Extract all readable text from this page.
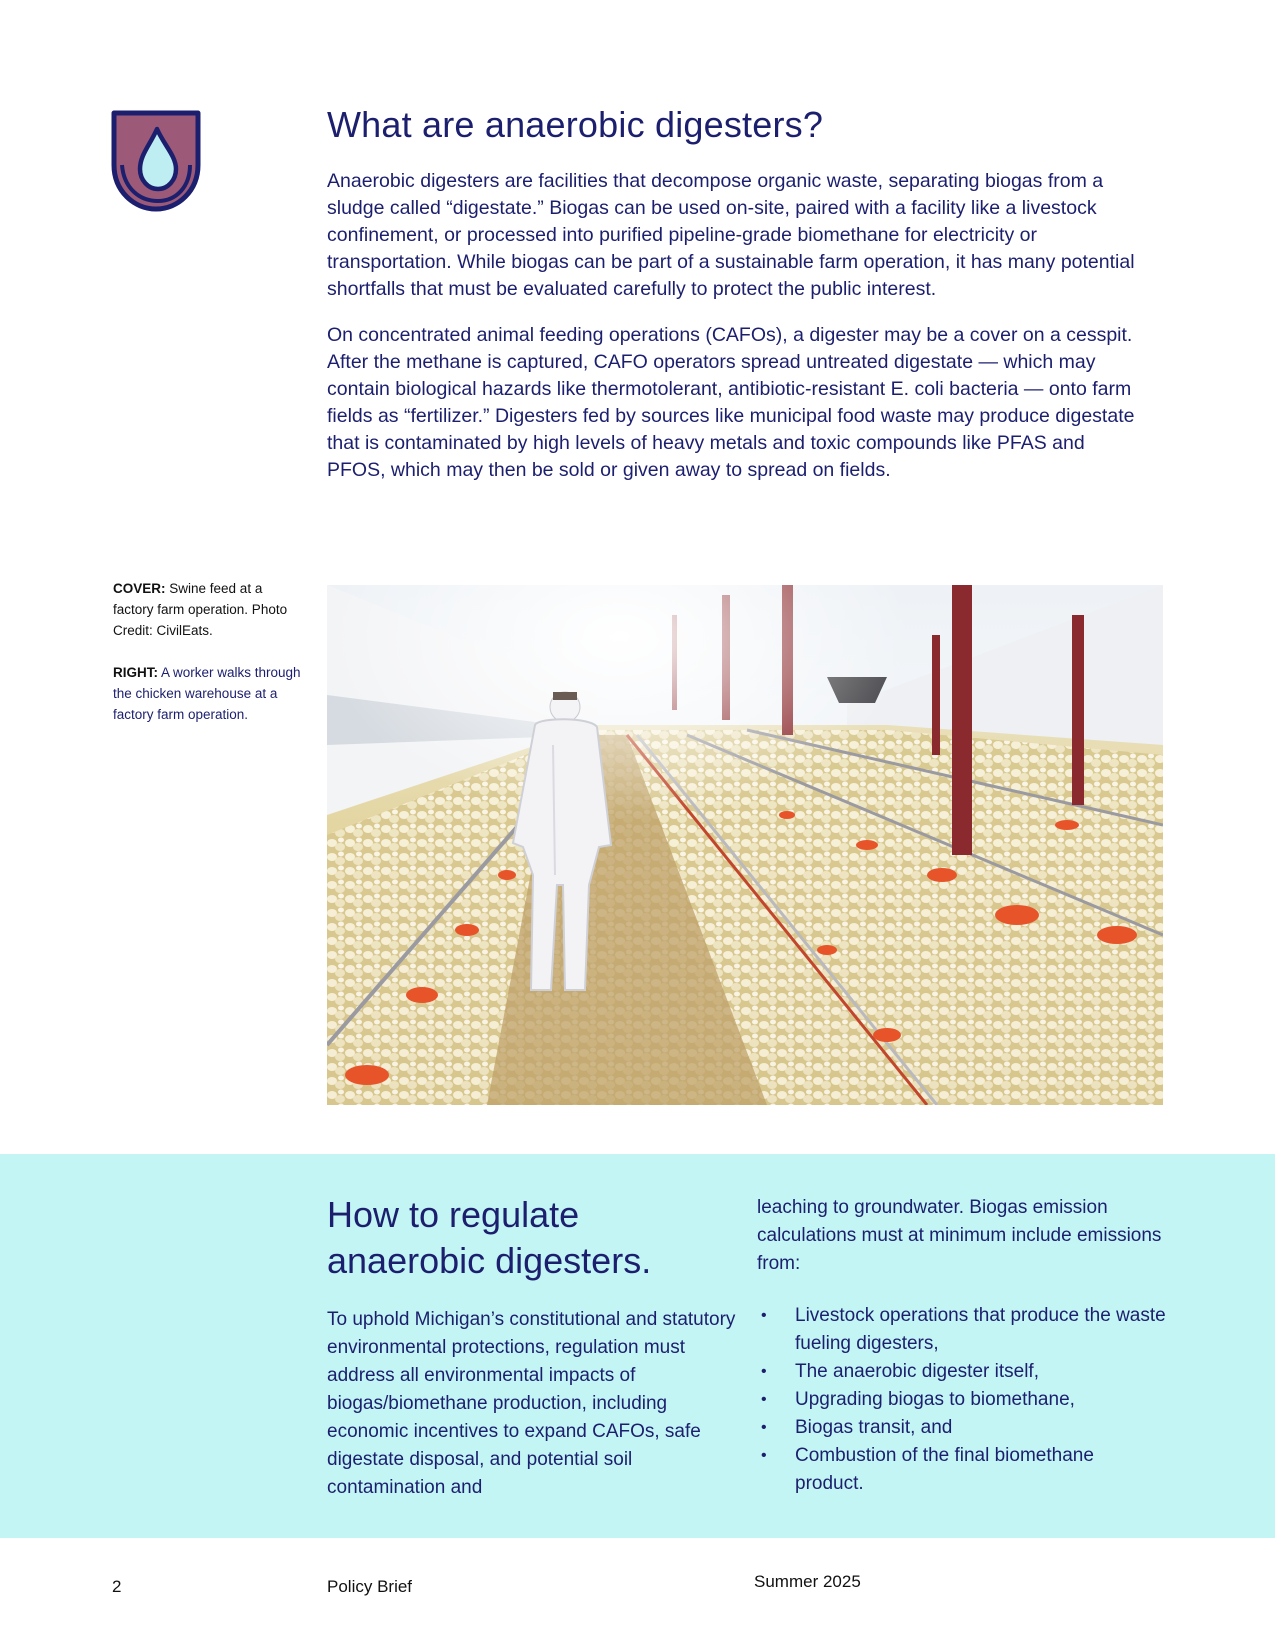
What are anaerobic digesters?

Anaerobic digesters are facilities that decompose organic waste, separating biogas from a sludge called “digestate.” Biogas can be used on-site, paired with a facility like a livestock confinement, or processed into purified pipeline-grade biomethane for electricity or transportation. While biogas can be part of a sustainable farm operation, it has many potential shortfalls that must be evaluated carefully to protect the public interest.

On concentrated animal feeding operations (CAFOs), a digester may be a cover on a cesspit. After the methane is captured, CAFO operators spread untreated digestate — which may contain biological hazards like thermotolerant, antibiotic-resistant E. coli bacteria — onto farm fields as “fertilizer.” Digesters fed by sources like municipal food waste may produce digestate that is contaminated by high levels of heavy metals and toxic compounds like PFAS and PFOS, which may then be sold or given away to spread on fields.

COVER: Swine feed at a factory farm operation. Photo Credit: CivilEats.
RIGHT: A worker walks through the chicken warehouse at a factory farm operation.
How to regulate
anaerobic digesters.

To uphold Michigan’s constitutional and statutory environmental protections, regulation must address all environmental impacts of biogas/biomethane production, including economic incentives to expand CAFOs, safe digestate disposal, and potential soil contamination and

leaching to groundwater. Biogas emission calculations must at minimum include emissions from:

• Livestock operations that produce the waste fueling digesters,
• The anaerobic digester itself,
• Upgrading biogas to biomethane,
• Biogas transit, and
• Combustion of the final biomethane product.
2	Policy Brief	Summer 2025
